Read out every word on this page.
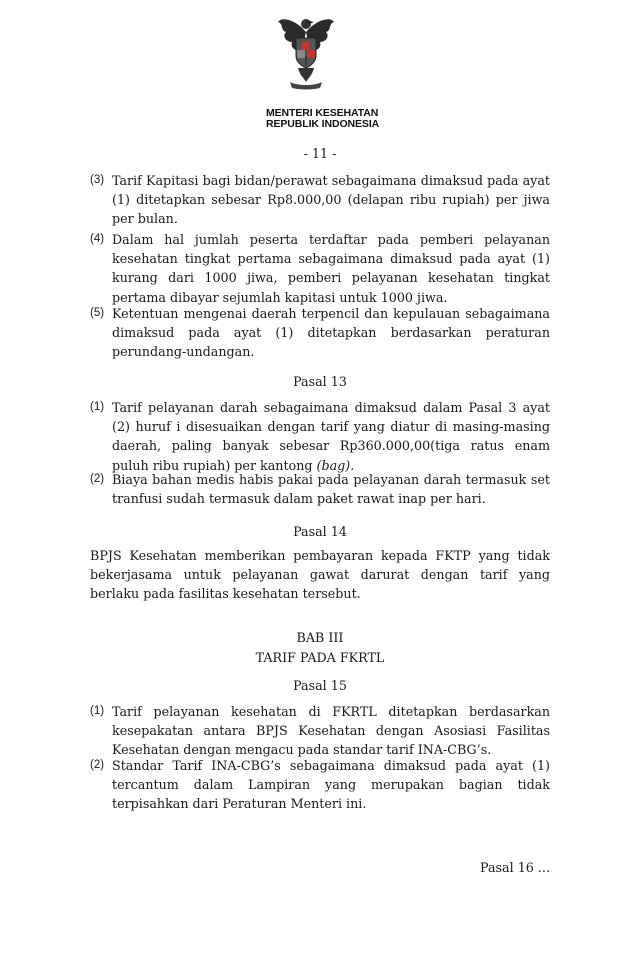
MENTERI KESEHATAN
REPUBLIK INDONESIA
- 11 -
(3) Tarif Kapitasi bagi bidan/perawat sebagaimana dimaksud pada ayat (1) ditetapkan sebesar Rp8.000,00 (delapan ribu rupiah) per jiwa per bulan.
(4) Dalam hal jumlah peserta terdaftar pada pemberi pelayanan kesehatan tingkat pertama sebagaimana dimaksud pada ayat (1) kurang dari 1000 jiwa, pemberi pelayanan kesehatan tingkat pertama dibayar sejumlah kapitasi untuk 1000 jiwa.
(5) Ketentuan mengenai daerah terpencil dan kepulauan sebagaimana dimaksud pada ayat (1) ditetapkan berdasarkan peraturan perundang-undangan.
Pasal 13
(1) Tarif pelayanan darah sebagaimana dimaksud dalam Pasal 3 ayat (2) huruf i disesuaikan dengan tarif yang diatur di masing-masing daerah, paling banyak sebesar Rp360.000,00(tiga ratus enam puluh ribu rupiah) per kantong (bag).
(2) Biaya bahan medis habis pakai pada pelayanan darah termasuk set tranfusi sudah termasuk dalam paket rawat inap per hari.
Pasal 14
BPJS Kesehatan memberikan pembayaran kepada FKTP yang tidak bekerjasama untuk pelayanan gawat darurat dengan tarif yang berlaku pada fasilitas kesehatan tersebut.
BAB III
TARIF PADA FKRTL
Pasal 15
(1) Tarif pelayanan kesehatan di FKRTL ditetapkan berdasarkan kesepakatan antara BPJS Kesehatan dengan Asosiasi Fasilitas Kesehatan dengan mengacu pada standar tarif INA-CBG’s.
(2) Standar Tarif INA-CBG’s sebagaimana dimaksud pada ayat (1) tercantum dalam Lampiran yang merupakan bagian tidak terpisahkan dari Peraturan Menteri ini.
Pasal 16 ...
